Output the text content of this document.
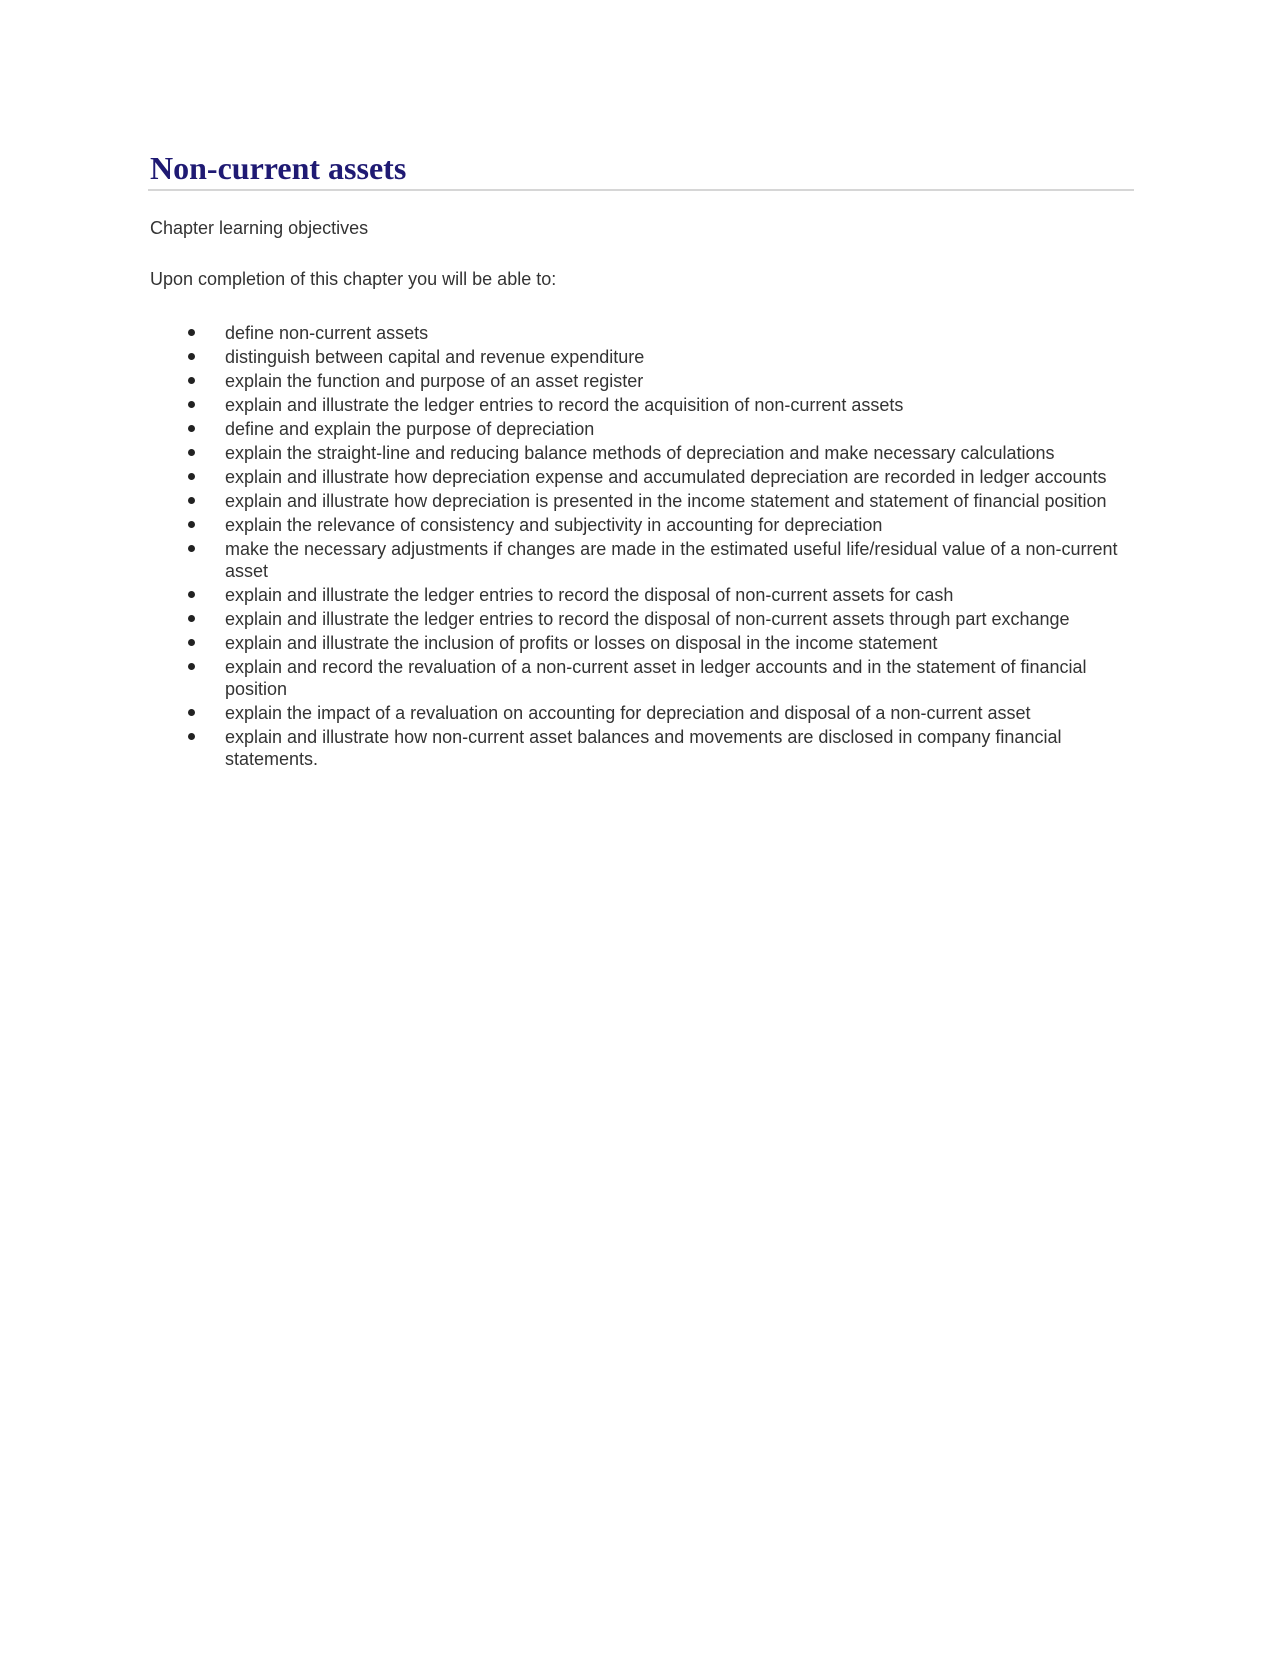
Non-current assets

Chapter learning objectives

Upon completion of this chapter you will be able to:

define non-current assets
distinguish between capital and revenue expenditure
explain the function and purpose of an asset register
explain and illustrate the ledger entries to record the acquisition of non-current assets
define and explain the purpose of depreciation
explain the straight-line and reducing balance methods of depreciation and make necessary calculations
explain and illustrate how depreciation expense and accumulated depreciation are recorded in ledger accounts
explain and illustrate how depreciation is presented in the income statement and statement of financial position
explain the relevance of consistency and subjectivity in accounting for depreciation
make the necessary adjustments if changes are made in the estimated useful life/residual value of a non-current asset
explain and illustrate the ledger entries to record the disposal of non-current assets for cash
explain and illustrate the ledger entries to record the disposal of non-current assets through part exchange
explain and illustrate the inclusion of profits or losses on disposal in the income statement
explain and record the revaluation of a non-current asset in ledger accounts and in the statement of financial position
explain the impact of a revaluation on accounting for depreciation and disposal of a non-current asset
explain and illustrate how non-current asset balances and movements are disclosed in company financial statements.
